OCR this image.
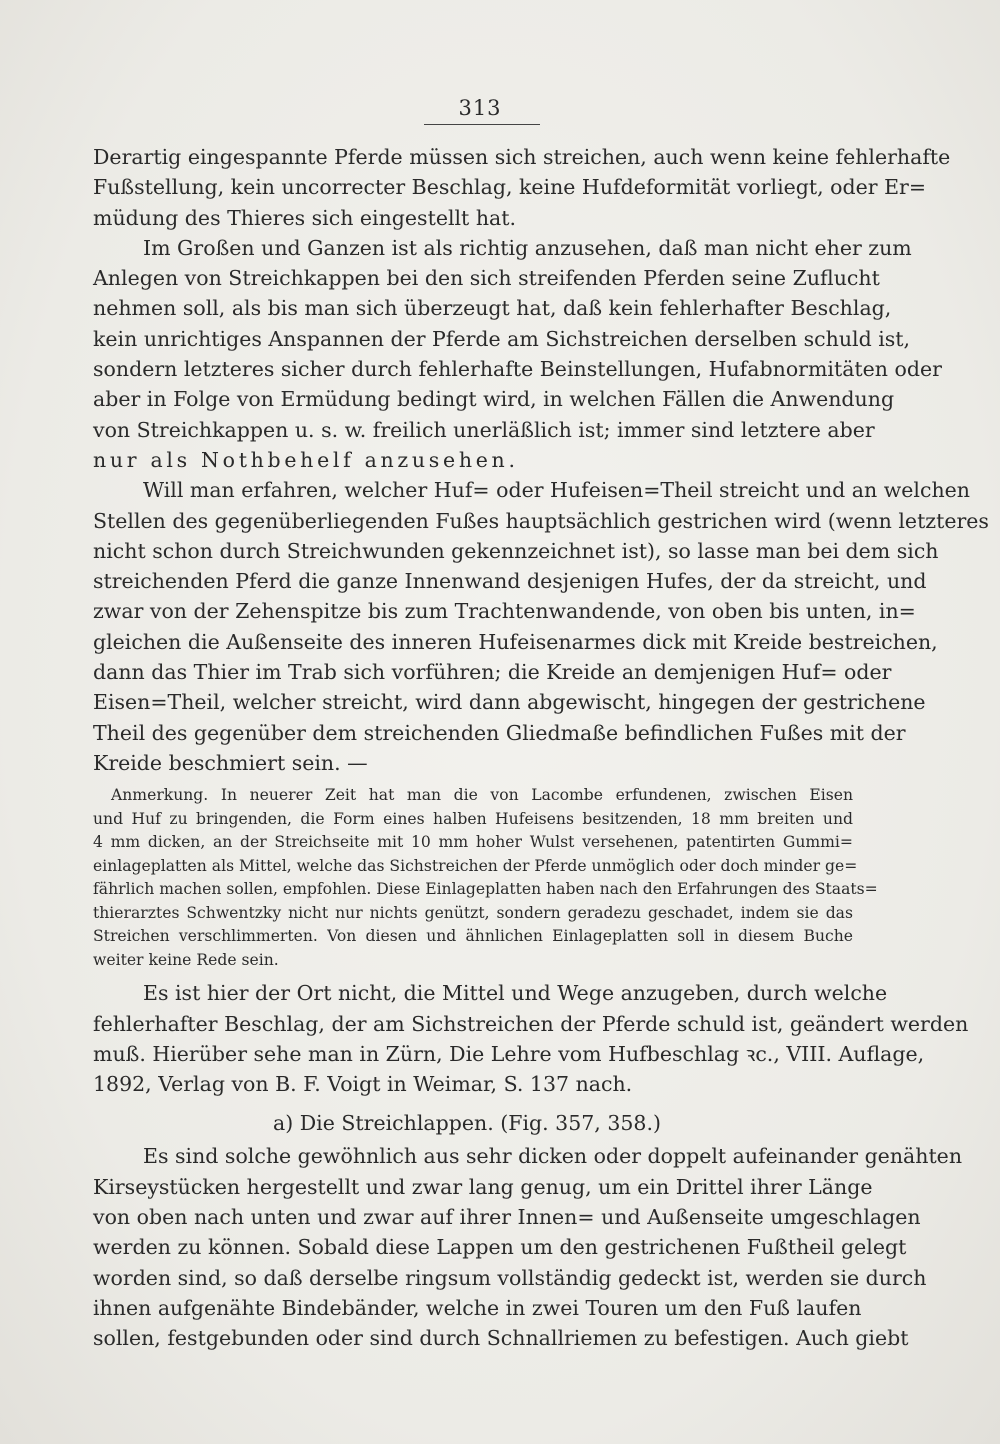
313
Derartig eingespannte Pferde müssen sich streichen, auch wenn keine fehlerhafte
Fußstellung, kein uncorrecter Beschlag, keine Hufdeformität vorliegt, oder Er=
müdung des Thieres sich eingestellt hat.
Im Großen und Ganzen ist als richtig anzusehen, daß man nicht eher zum
Anlegen von Streichkappen bei den sich streifenden Pferden seine Zuflucht
nehmen soll, als bis man sich überzeugt hat, daß kein fehlerhafter Beschlag,
kein unrichtiges Anspannen der Pferde am Sichstreichen derselben schuld ist,
sondern letzteres sicher durch fehlerhafte Beinstellungen, Hufabnormitäten oder
aber in Folge von Ermüdung bedingt wird, in welchen Fällen die Anwendung
von Streichkappen u. s. w. freilich unerläßlich ist; immer sind letztere aber
nur als Nothbehelf anzusehen.
Will man erfahren, welcher Huf= oder Hufeisen=Theil streicht und an welchen
Stellen des gegenüberliegenden Fußes hauptsächlich gestrichen wird (wenn letzteres
nicht schon durch Streichwunden gekennzeichnet ist), so lasse man bei dem sich
streichenden Pferd die ganze Innenwand desjenigen Hufes, der da streicht, und
zwar von der Zehenspitze bis zum Trachtenwandende, von oben bis unten, in=
gleichen die Außenseite des inneren Hufeisenarmes dick mit Kreide bestreichen,
dann das Thier im Trab sich vorführen; die Kreide an demjenigen Huf= oder
Eisen=Theil, welcher streicht, wird dann abgewischt, hingegen der gestrichene
Theil des gegenüber dem streichenden Gliedmaße befindlichen Fußes mit der
Kreide beschmiert sein. —
Anmerkung. In neuerer Zeit hat man die von Lacombe erfundenen, zwischen Eisen
und Huf zu bringenden, die Form eines halben Hufeisens besitzenden, 18 mm breiten und
4 mm dicken, an der Streichseite mit 10 mm hoher Wulst versehenen, patentirten Gummi=
einlageplatten als Mittel, welche das Sichstreichen der Pferde unmöglich oder doch minder ge=
fährlich machen sollen, empfohlen. Diese Einlageplatten haben nach den Erfahrungen des Staats=
thierarztes Schwentzky nicht nur nichts genützt, sondern geradezu geschadet, indem sie das
Streichen verschlimmerten. Von diesen und ähnlichen Einlageplatten soll in diesem Buche
weiter keine Rede sein.
Es ist hier der Ort nicht, die Mittel und Wege anzugeben, durch welche
fehlerhafter Beschlag, der am Sichstreichen der Pferde schuld ist, geändert werden
muß. Hierüber sehe man in Zürn, Die Lehre vom Hufbeschlag ꝛc., VIII. Auflage,
1892, Verlag von B. F. Voigt in Weimar, S. 137 nach.
a) Die Streichlappen. (Fig. 357, 358.)
Es sind solche gewöhnlich aus sehr dicken oder doppelt aufeinander genähten
Kirseystücken hergestellt und zwar lang genug, um ein Drittel ihrer Länge
von oben nach unten und zwar auf ihrer Innen= und Außenseite umgeschlagen
werden zu können. Sobald diese Lappen um den gestrichenen Fußtheil gelegt
worden sind, so daß derselbe ringsum vollständig gedeckt ist, werden sie durch
ihnen aufgenähte Bindebänder, welche in zwei Touren um den Fuß laufen
sollen, festgebunden oder sind durch Schnallriemen zu befestigen. Auch giebt
